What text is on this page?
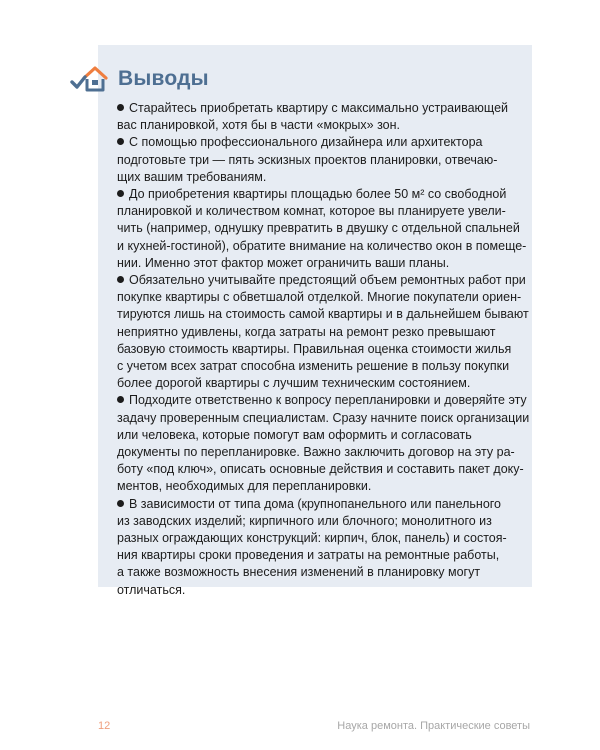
Выводы

Старайтесь приобретать квартиру с максимально устраивающей
вас планировкой, хотя бы в части «мокрых» зон.

С помощью профессионального дизайнера или архитектора
подготовьте три — пять эскизных проектов планировки, отвечаю-
щих вашим требованиям.

До приобретения квартиры площадью более 50 м² со свободной
планировкой и количеством комнат, которое вы планируете увели-
чить (например, однушку превратить в двушку с отдельной спальней
и кухней-гостиной), обратите внимание на количество окон в помеще-
нии. Именно этот фактор может ограничить ваши планы.

Обязательно учитывайте предстоящий объем ремонтных работ при
покупке квартиры с обветшалой отделкой. Многие покупатели ориен-
тируются лишь на стоимость самой квартиры и в дальнейшем бывают
неприятно удивлены, когда затраты на ремонт резко превышают
базовую стоимость квартиры. Правильная оценка стоимости жилья
с учетом всех затрат способна изменить решение в пользу покупки
более дорогой квартиры с лучшим техническим состоянием.

Подходите ответственно к вопросу перепланировки и доверяйте эту
задачу проверенным специалистам. Сразу начните поиск организации
или человека, которые помогут вам оформить и согласовать
документы по перепланировке. Важно заключить договор на эту ра-
боту «под ключ», описать основные действия и составить пакет доку-
ментов, необходимых для перепланировки.

В зависимости от типа дома (крупнопанельного или панельного
из заводских изделий; кирпичного или блочного; монолитного из
разных ограждающих конструкций: кирпич, блок, панель) и состоя-
ния квартиры сроки проведения и затраты на ремонтные работы,
а также возможность внесения изменений в планировку могут
отличаться.

12	Наука ремонта. Практические советы
